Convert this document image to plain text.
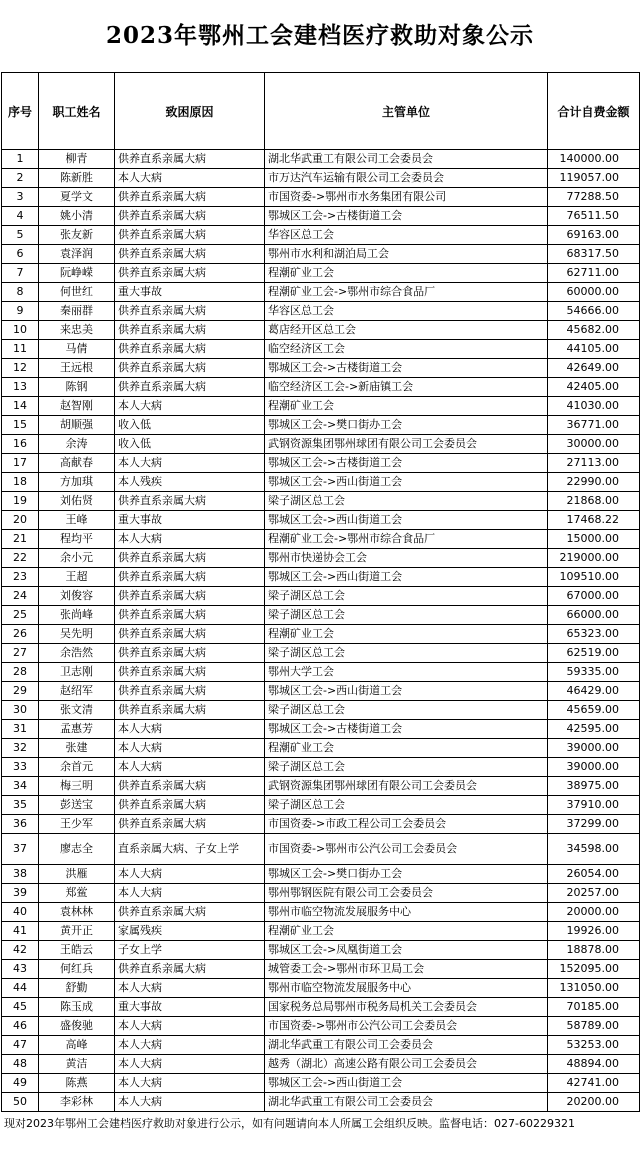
2023年鄂州工会建档医疗救助对象公示
序号	职工姓名	致困原因	主管单位	合计自费金额
1	柳青	供养直系亲属大病	湖北华武重工有限公司工会委员会	140000.00
2	陈新胜	本人大病	市万达汽车运输有限公司工会委员会	119057.00
3	夏学文	供养直系亲属大病	市国资委->鄂州市水务集团有限公司	77288.50
4	姚小清	供养直系亲属大病	鄂城区工会->古楼街道工会	76511.50
5	张友新	供养直系亲属大病	华容区总工会	69163.00
6	袁泽润	供养直系亲属大病	鄂州市水利和湖泊局工会	68317.50
7	阮峥嵘	供养直系亲属大病	程潮矿业工会	62711.00
8	何世红	重大事故	程潮矿业工会->鄂州市综合食品厂	60000.00
9	秦丽群	供养直系亲属大病	华容区总工会	54666.00
10	来忠美	供养直系亲属大病	葛店经开区总工会	45682.00
11	马倩	供养直系亲属大病	临空经济区工会	44105.00
12	王远根	供养直系亲属大病	鄂城区工会->古楼街道工会	42649.00
13	陈钢	供养直系亲属大病	临空经济区工会->新庙镇工会	42405.00
14	赵智刚	本人大病	程潮矿业工会	41030.00
15	胡顺强	收入低	鄂城区工会->樊口街办工会	36771.00
16	余涛	收入低	武钢资源集团鄂州球团有限公司工会委员会	30000.00
17	高献春	本人大病	鄂城区工会->古楼街道工会	27113.00
18	方加琪	本人残疾	鄂城区工会->西山街道工会	22990.00
19	刘佑贤	供养直系亲属大病	梁子湖区总工会	21868.00
20	王峰	重大事故	鄂城区工会->西山街道工会	17468.22
21	程均平	本人大病	程潮矿业工会->鄂州市综合食品厂	15000.00
22	余小元	供养直系亲属大病	鄂州市快递协会工会	219000.00
23	王超	供养直系亲属大病	鄂城区工会->西山街道工会	109510.00
24	刘俊容	供养直系亲属大病	梁子湖区总工会	67000.00
25	张尚峰	供养直系亲属大病	梁子湖区总工会	66000.00
26	吴先明	供养直系亲属大病	程潮矿业工会	65323.00
27	余浩然	供养直系亲属大病	梁子湖区总工会	62519.00
28	卫志刚	供养直系亲属大病	鄂州大学工会	59335.00
29	赵绍军	供养直系亲属大病	鄂城区工会->西山街道工会	46429.00
30	张文清	供养直系亲属大病	梁子湖区总工会	45659.00
31	孟惠芳	本人大病	鄂城区工会->古楼街道工会	42595.00
32	张建	本人大病	程潮矿业工会	39000.00
33	余首元	本人大病	梁子湖区总工会	39000.00
34	梅三明	供养直系亲属大病	武钢资源集团鄂州球团有限公司工会委员会	38975.00
35	彭送宝	供养直系亲属大病	梁子湖区总工会	37910.00
36	王少军	供养直系亲属大病	市国资委->市政工程公司工会委员会	37299.00
37	廖志全	直系亲属大病、子女上学	市国资委->鄂州市公汽公司工会委员会	34598.00
38	洪雁	本人大病	鄂城区工会->樊口街办工会	26054.00
39	郑鲎	本人大病	鄂州鄂钢医院有限公司工会委员会	20257.00
40	袁林林	供养直系亲属大病	鄂州市临空物流发展服务中心	20000.00
41	黄开正	家属残疾	程潮矿业工会	19926.00
42	王皓云	子女上学	鄂城区工会->凤凰街道工会	18878.00
43	何红兵	供养直系亲属大病	城管委工会->鄂州市环卫局工会	152095.00
44	舒勤	本人大病	鄂州市临空物流发展服务中心	131050.00
45	陈玉成	重大事故	国家税务总局鄂州市税务局机关工会委员会	70185.00
46	盛俊驰	本人大病	市国资委->鄂州市公汽公司工会委员会	58789.00
47	高峰	本人大病	湖北华武重工有限公司工会委员会	53253.00
48	黄洁	本人大病	越秀（湖北）高速公路有限公司工会委员会	48894.00
49	陈燕	本人大病	鄂城区工会->西山街道工会	42741.00
50	李彩林	本人大病	湖北华武重工有限公司工会委员会	20200.00
现对2023年鄂州工会建档医疗救助对象进行公示，如有问题请向本人所属工会组织反映。监督电话：027-60229321
